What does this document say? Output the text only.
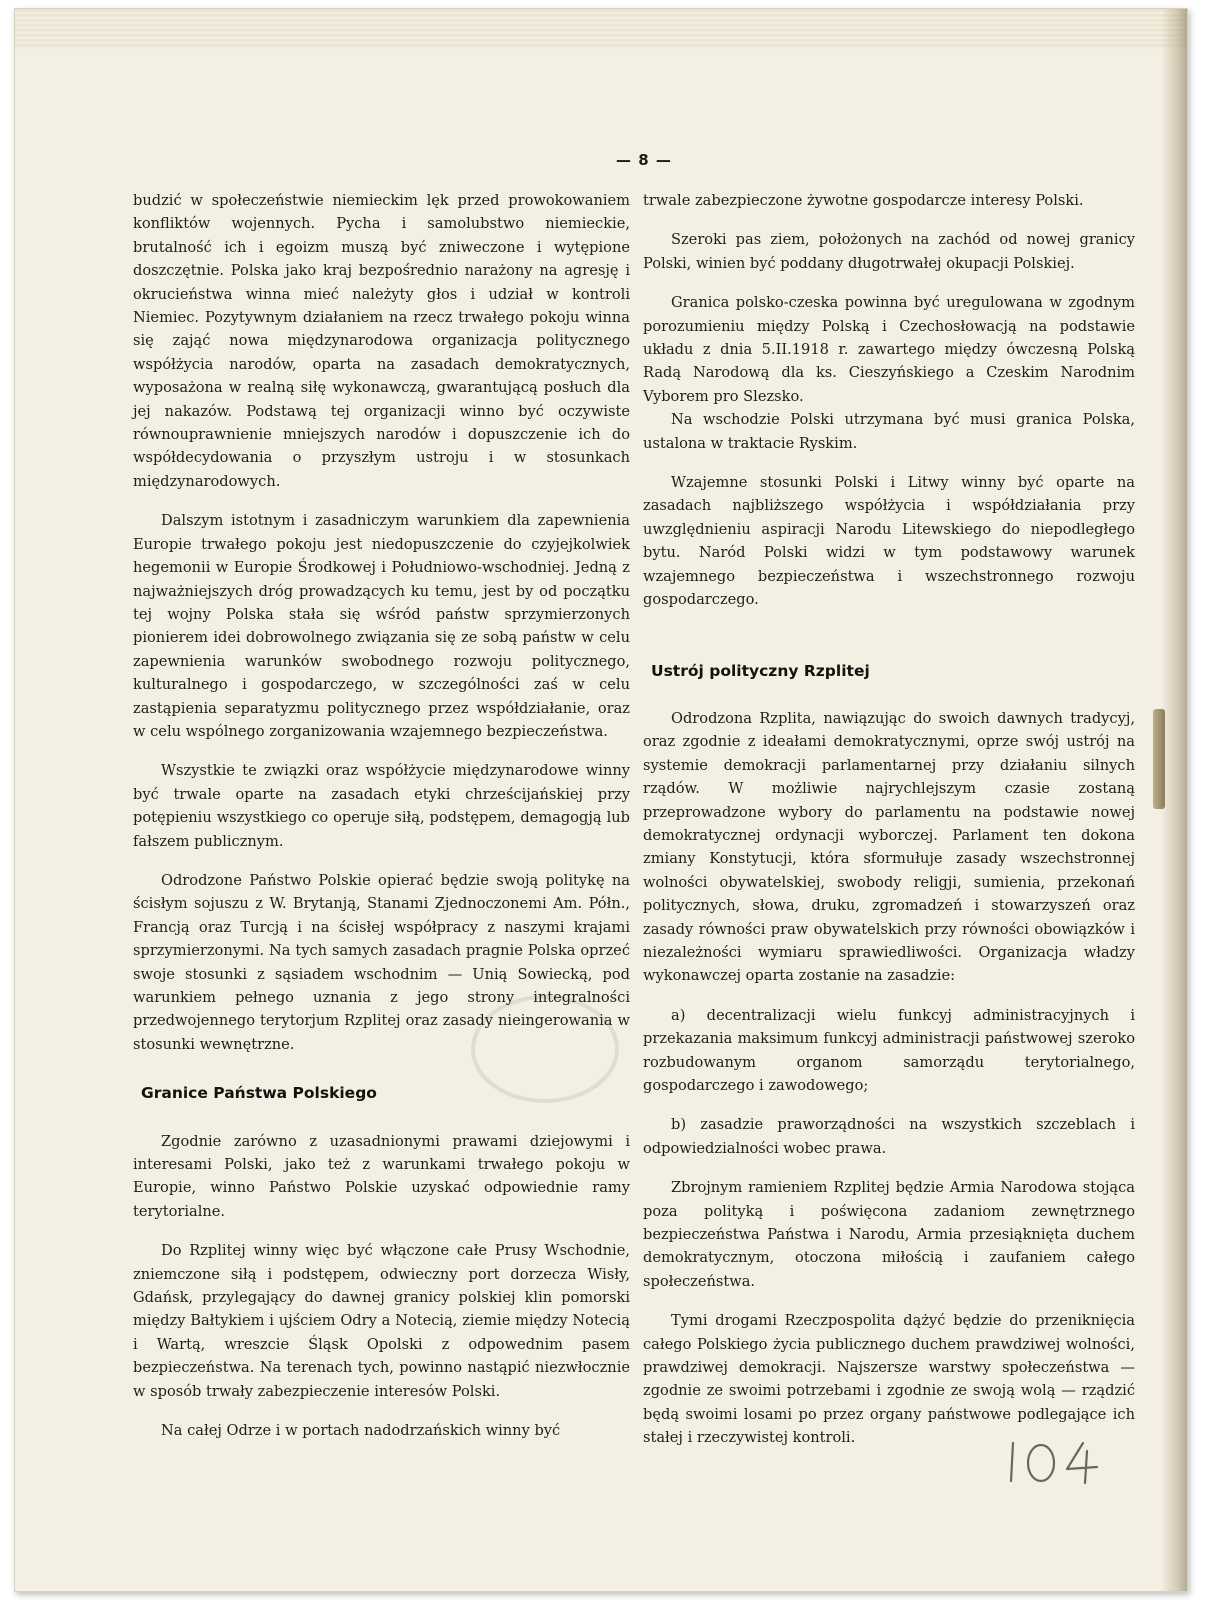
— 8 —

budzić w społeczeństwie niemieckim lęk przed prowokowaniem konfliktów wojennych. Pycha i samolubstwo niemieckie, brutalność ich i egoizm muszą być zniweczone i wytępione doszczętnie. Polska jako kraj bezpośrednio narażony na agresję i okrucieństwa winna mieć należyty głos i udział w kontroli Niemiec. Pozytywnym działaniem na rzecz trwałego pokoju winna się zająć nowa międzynarodowa organizacja politycznego współżycia narodów, oparta na zasadach demokratycznych, wyposażona w realną siłę wykonawczą, gwarantującą posłuch dla jej nakazów. Podstawą tej organizacji winno być oczywiste równouprawnienie mniejszych narodów i dopuszczenie ich do współdecydowania o przyszłym ustroju i w stosunkach międzynarodowych.

Dalszym istotnym i zasadniczym warunkiem dla zapewnienia Europie trwałego pokoju jest niedopuszczenie do czyjejkolwiek hegemonii w Europie Środkowej i Południowo-wschodniej. Jedną z najważniejszych dróg prowadzących ku temu, jest by od początku tej wojny Polska stała się wśród państw sprzymierzonych pionierem idei dobrowolnego związania się ze sobą państw w celu zapewnienia warunków swobodnego rozwoju politycznego, kulturalnego i gospodarczego, w szczególności zaś w celu zastąpienia separatyzmu politycznego przez współdziałanie, oraz w celu wspólnego zorganizowania wzajemnego bezpieczeństwa.

Wszystkie te związki oraz współżycie międzynarodowe winny być trwale oparte na zasadach etyki chrześcijańskiej przy potępieniu wszystkiego co operuje siłą, podstępem, demagogją lub fałszem publicznym.

Odrodzone Państwo Polskie opierać będzie swoją politykę na ścisłym sojuszu z W. Brytanją, Stanami Zjednoczonemi Am. Półn., Francją oraz Turcją i na ścisłej współpracy z naszymi krajami sprzymierzonymi. Na tych samych zasadach pragnie Polska oprzeć swoje stosunki z sąsiadem wschodnim — Unią Sowiecką, pod warunkiem pełnego uznania z jego strony integralności przedwojennego terytorjum Rzplitej oraz zasady nieingerowania w stosunki wewnętrzne.

Granice Państwa Polskiego

Zgodnie zarówno z uzasadnionymi prawami dziejowymi i interesami Polski, jako też z warunkami trwałego pokoju w Europie, winno Państwo Polskie uzyskać odpowiednie ramy terytorialne.

Do Rzplitej winny więc być włączone całe Prusy Wschodnie, zniemczone siłą i podstępem, odwieczny port dorzecza Wisły, Gdańsk, przylegający do dawnej granicy polskiej klin pomorski między Bałtykiem i ujściem Odry a Notecią, ziemie między Notecią i Wartą, wreszcie Śląsk Opolski z odpowednim pasem bezpieczeństwa. Na terenach tych, powinno nastąpić niezwłocznie w sposób trwały zabezpieczenie interesów Polski.

Na całej Odrze i w portach nadodrzańskich winny być

trwale zabezpieczone żywotne gospodarcze interesy Polski.

Szeroki pas ziem, położonych na zachód od nowej granicy Polski, winien być poddany długotrwałej okupacji Polskiej.

Granica polsko-czeska powinna być uregulowana w zgodnym porozumieniu między Polską i Czechosłowacją na podstawie układu z dnia 5.II.1918 r. zawartego między ówczesną Polską Radą Narodową dla ks. Cieszyńskiego a Czeskim Narodnim Vyborem pro Slezsko.

Na wschodzie Polski utrzymana być musi granica Polska, ustalona w traktacie Ryskim.

Wzajemne stosunki Polski i Litwy winny być oparte na zasadach najbliższego współżycia i współdziałania przy uwzględnieniu aspiracji Narodu Litewskiego do niepodległego bytu. Naród Polski widzi w tym podstawowy warunek wzajemnego bezpieczeństwa i wszechstronnego rozwoju gospodarczego.

Ustrój polityczny Rzplitej

Odrodzona Rzplita, nawiązując do swoich dawnych tradycyj, oraz zgodnie z ideałami demokratycznymi, oprze swój ustrój na systemie demokracji parlamentarnej przy działaniu silnych rządów. W możliwie najrychlejszym czasie zostaną przeprowadzone wybory do parlamentu na podstawie nowej demokratycznej ordynacji wyborczej. Parlament ten dokona zmiany Konstytucji, która sformułuje zasady wszechstronnej wolności obywatelskiej, swobody religji, sumienia, przekonań politycznych, słowa, druku, zgromadzeń i stowarzyszeń oraz zasady równości praw obywatelskich przy równości obowiązków i niezależności wymiaru sprawiedliwości. Organizacja władzy wykonawczej oparta zostanie na zasadzie:

a) decentralizacji wielu funkcyj administracyjnych i przekazania maksimum funkcyj administracji państwowej szeroko rozbudowanym organom samorządu terytorialnego, gospodarczego i zawodowego;
b) zasadzie praworządności na wszystkich szczeblach i odpowiedzialności wobec prawa.

Zbrojnym ramieniem Rzplitej będzie Armia Narodowa stojąca poza polityką i poświęcona zadaniom zewnętrznego bezpieczeństwa Państwa i Narodu, Armia przesiąknięta duchem demokratycznym, otoczona miłością i zaufaniem całego społeczeństwa.

Tymi drogami Rzeczpospolita dążyć będzie do przeniknięcia całego Polskiego życia publicznego duchem prawdziwej wolności, prawdziwej demokracji. Najszersze warstwy społeczeństwa — zgodnie ze swoimi potrzebami i zgodnie ze swoją wolą — rządzić będą swoimi losami po przez organy państwowe podlegające ich stałej i rzeczywistej kontroli.
